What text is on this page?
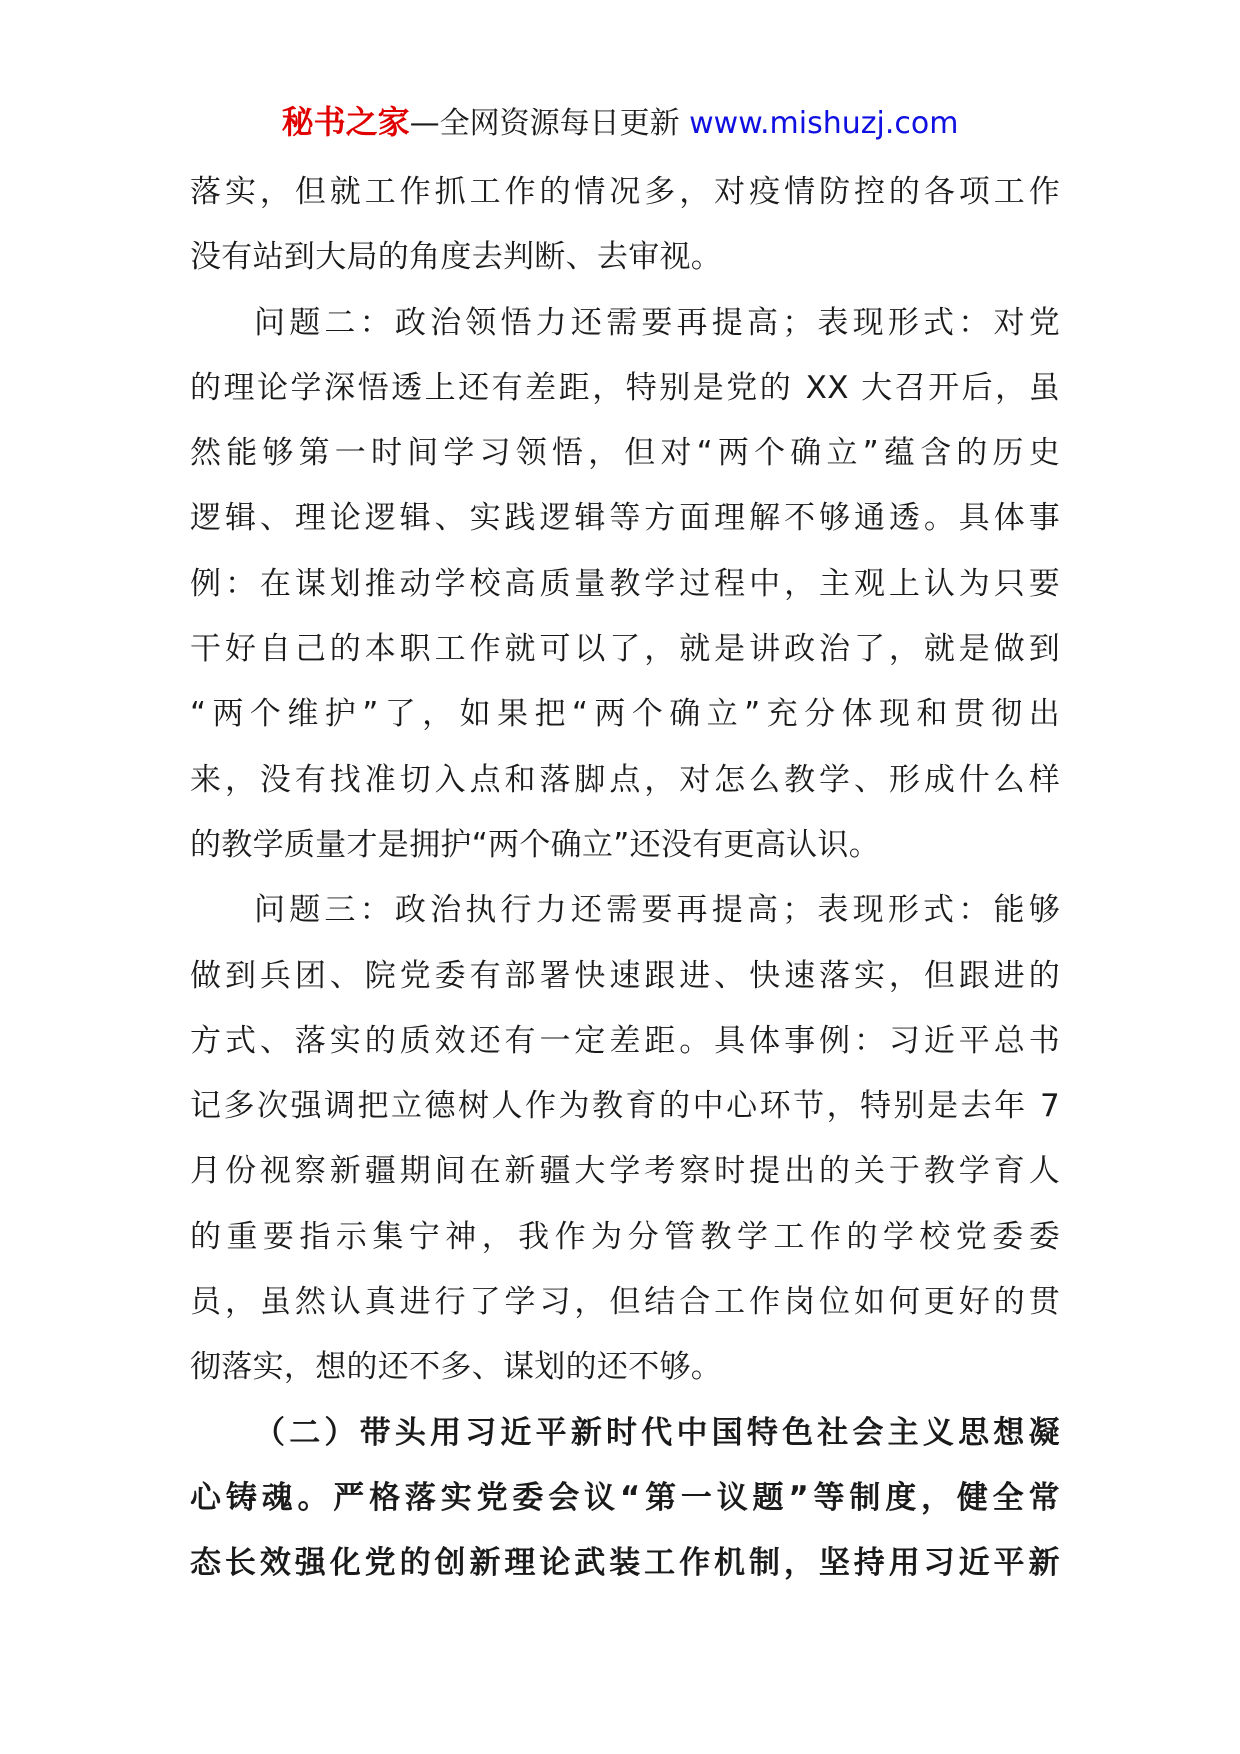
秘书之家—全网资源每日更新 www.mishuzj.com
落实，但就工作抓工作的情况多，对疫情防控的各项工作
没有站到大局的角度去判断、去审视。
问题二：政治领悟力还需要再提高；表现形式：对党
的理论学深悟透上还有差距，特别是党的 XX 大召开后，虽
然能够第一时间学习领悟，但对“两个确立”蕴含的历史
逻辑、理论逻辑、实践逻辑等方面理解不够通透。具体事
例：在谋划推动学校高质量教学过程中，主观上认为只要
干好自己的本职工作就可以了，就是讲政治了，就是做到
“两个维护”了，如果把“两个确立”充分体现和贯彻出
来，没有找准切入点和落脚点，对怎么教学、形成什么样
的教学质量才是拥护“两个确立”还没有更高认识。
问题三：政治执行力还需要再提高；表现形式：能够
做到兵团、院党委有部署快速跟进、快速落实，但跟进的
方式、落实的质效还有一定差距。具体事例：习近平总书
记多次强调把立德树人作为教育的中心环节，特别是去年 7
月份视察新疆期间在新疆大学考察时提出的关于教学育人
的重要指示集宁神，我作为分管教学工作的学校党委委
员，虽然认真进行了学习，但结合工作岗位如何更好的贯
彻落实，想的还不多、谋划的还不够。
（二）带头用习近平新时代中国特色社会主义思想凝
心铸魂。严格落实党委会议“第一议题”等制度，健全常
态长效强化党的创新理论武装工作机制，坚持用习近平新
